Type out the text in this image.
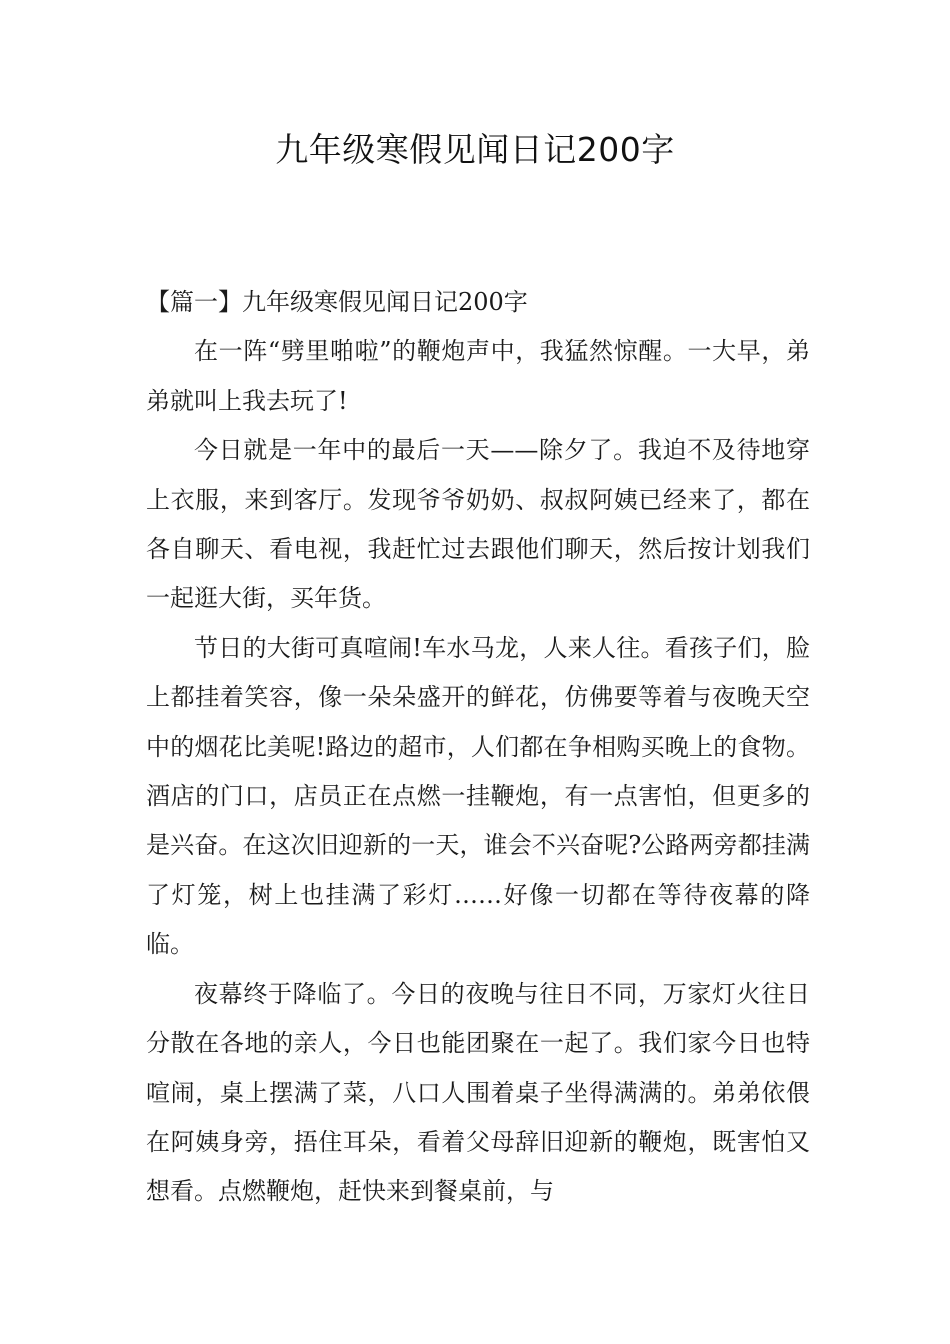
九年级寒假见闻日记200字

【篇一】九年级寒假见闻日记200字

在一阵“劈里啪啦”的鞭炮声中，我猛然惊醒。一大早，弟弟就叫上我去玩了!

今日就是一年中的最后一天——除夕了。我迫不及待地穿上衣服，来到客厅。发现爷爷奶奶、叔叔阿姨已经来了，都在各自聊天、看电视，我赶忙过去跟他们聊天，然后按计划我们一起逛大街，买年货。

节日的大街可真喧闹!车水马龙，人来人往。看孩子们，脸上都挂着笑容，像一朵朵盛开的鲜花，仿佛要等着与夜晚天空中的烟花比美呢!路边的超市，人们都在争相购买晚上的食物。酒店的门口，店员正在点燃一挂鞭炮，有一点害怕，但更多的是兴奋。在这次旧迎新的一天，谁会不兴奋呢?公路两旁都挂满了灯笼，树上也挂满了彩灯……好像一切都在等待夜幕的降临。

夜幕终于降临了。今日的夜晚与往日不同，万家灯火往日分散在各地的亲人，今日也能团聚在一起了。我们家今日也特喧闹，桌上摆满了菜，八口人围着桌子坐得满满的。弟弟依偎在阿姨身旁，捂住耳朵，看着父母辞旧迎新的鞭炮，既害怕又想看。点燃鞭炮，赶快来到餐桌前，与
